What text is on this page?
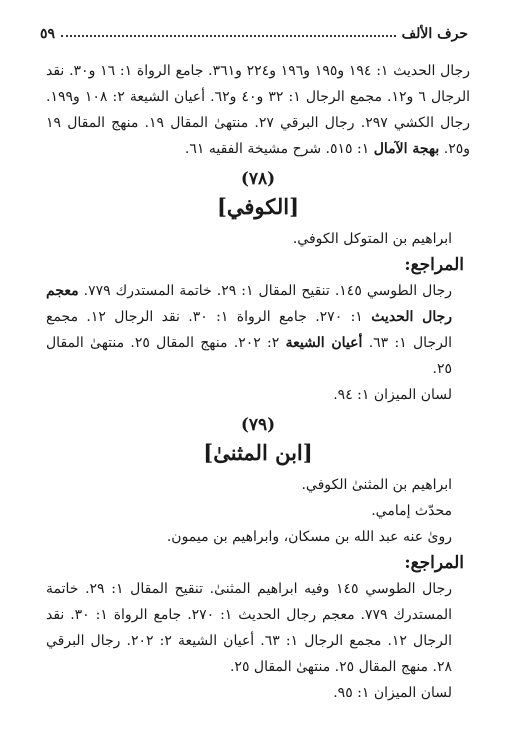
حرف الألف
٥٩

رجال الحديث ١: ١٩٤ و١٩٥ و١٩٦ و٢٢٤ و٣٦١. جامع الرواة ١: ١٦ و٣٠. نقد الرجال ٦ و١٢. مجمع الرجال ١: ٣٢ و٤٠ و٦٢. أعيان الشيعة ٢: ١٠٨ و١٩٩. رجال الكشي ٢٩٧. رجال البرقي ٢٧. منتهىٰ المقال ١٩. منهج المقال ١٩ و٢٥. بهجة الآمال ١: ٥١٥. شرح مشيخة الفقيه ٦١.

(٧٨)
[الكوفي]

ابراهيم بن المتوكل الكوفي.

المراجع:

رجال الطوسي ١٤٥. تنقيح المقال ١: ٢٩. خاتمة المستدرك ٧٧٩. معجم رجال الحديث ١: ٢٧٠. جامع الرواة ١: ٣٠. نقد الرجال ١٢. مجمع الرجال ١: ٦٣. أعيان الشيعة ٢: ٢٠٢. منهج المقال ٢٥. منتهىٰ المقال ٢٥.

لسان الميزان ١: ٩٤.

(٧٩)
[ابن المثنىٰ]

ابراهيم بن المثنىٰ الكوفي.

محدّث إمامي.

روىٰ عنه عبد الله بن مسكان، وابراهيم بن ميمون.

المراجع:

رجال الطوسي ١٤٥ وفيه ابراهيم المثنىٰ. تنقيح المقال ١: ٢٩. خاتمة المستدرك ٧٧٩. معجم رجال الحديث ١: ٢٧٠. جامع الرواة ١: ٣٠. نقد الرجال ١٢. مجمع الرجال ١: ٦٣. أعيان الشيعة ٢: ٢٠٢. رجال البرقي ٢٨. منهج المقال ٢٥. منتهىٰ المقال ٢٥.

لسان الميزان ١: ٩٥.
